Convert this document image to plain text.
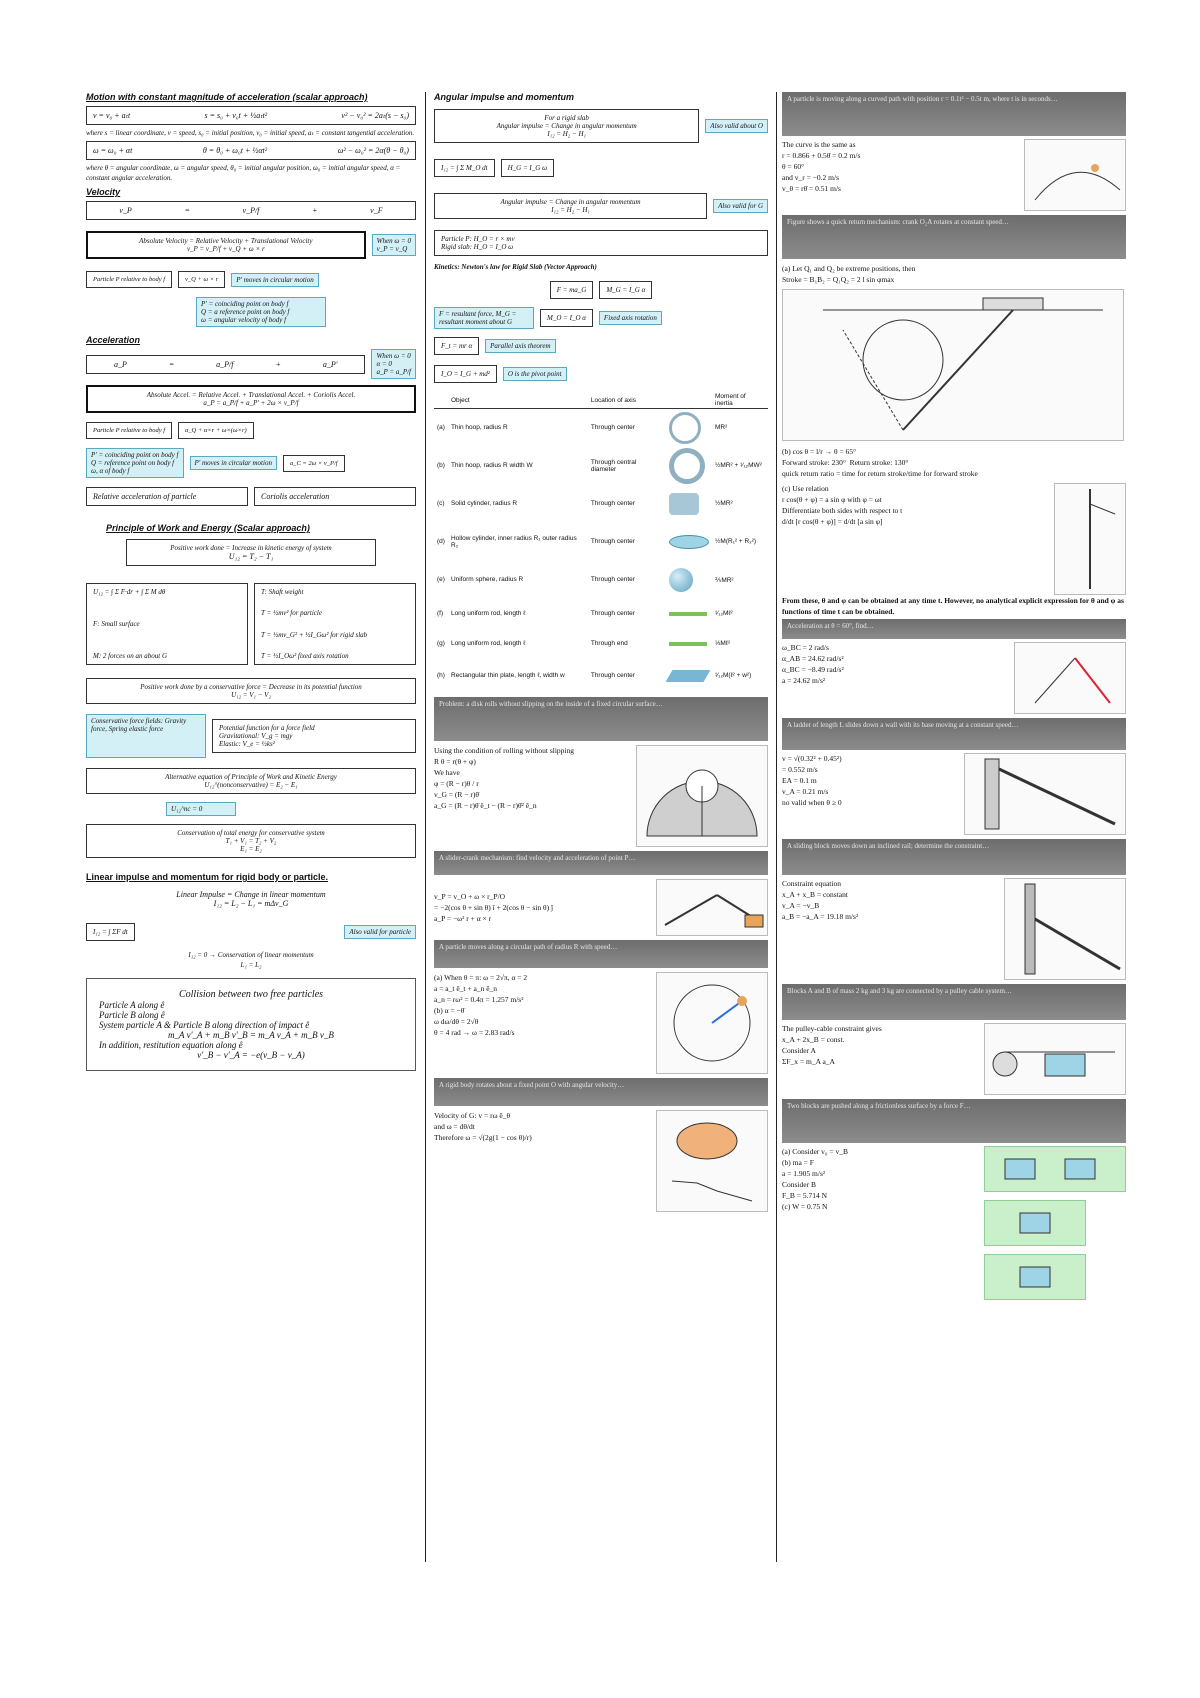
Motion with constant magnitude of acceleration (scalar approach)
v = v₀ + aₜt	s = s₀ + v₀t + ½aₜt²	v² − v₀² = 2aₜ(s − s₀)
where s = linear coordinate, v = speed, s₀ = initial position, v₀ = initial speed, aₜ = constant tangential acceleration.
ω = ω₀ + αt	θ = θ₀ + ω₀t + ½αt²	ω² − ω₀² = 2α(θ − θ₀)
where θ = angular coordinate, ω = angular speed, θ₀ = initial angular position, ω₀ = initial angular speed, α = constant angular acceleration.
Velocity
v_P	=	v_P/f	+	v_F
Absolute Velocity = Relative Velocity + Translational Velocity
v_P = v_P/f + v_Q + ω × r
When ω = 0
v_P = v_Q
Particle P relative to body f	v_Q + ω × r	P' moves in circular motion
P' = coinciding point on body f
Q = a reference point on body f
ω = angular velocity of body f
Acceleration
a_P	=	a_P/f	+	a_P'
When ω = 0
α = 0
a_P = a_P/f
Absolute Accel. = Relative Accel. + Translational Accel. + Coriolis Accel.
a_P = a_P/f + a_P' + 2ω × v_P/f
Particle P relative to body f	a_Q + α×r + ω×(ω×r)
P' = coinciding point on body f
Q = reference point on body f
ω, α of body f
P' moves in circular motion	a_C = 2ω × v_P/f
Relative acceleration of particle	Coriolis acceleration
Principle of Work and Energy (Scalar approach)
Positive work done = Increase in kinetic energy of system
U₁₂ = T₂ − T₁
U₁₂ = ∫ Σ F·dr + ∫ Σ M dθ
F: Small surface
M: 2 forces on an about G
T: Shaft weight
T = ½mv² for particle
T = ½mv_G² + ½I_Gω² for rigid slab
T = ½I_Oω² fixed axis rotation
Positive work done by a conservative force = Decrease in its potential function
U₁₂ = V₁ − V₂
Conservative force fields: Gravity force, Spring elastic force	Potential function for a force field
Gravitational: V_g = mgy
Elastic: V_e = ½ks²
Alternative equation of Principle of Work and Kinetic Energy
U₁₂^(nonconservative) = E₂ − E₁
U₁₂^nc = 0
Conservation of total energy for conservative system
T₁ + V₁ = T₂ + V₂
E₁ = E₂
Linear impulse and momentum for rigid body or particle.
Linear Impulse = Change in linear momentum
I₁₂ = L₂ − L₁ = mΔv_G
I₁₂ = ∫ ΣF dt	Also valid for particle
I₁₂ = 0 → Conservation of linear momentum
L₁ = L₂
Collision between two free particles
Particle A along ê
Particle B along ê
System particle A & Particle B along direction of impact ê
m_A v'_A + m_B v'_B = m_A v_A + m_B v_B
In addition, restitution equation along ê
v'_B − v'_A = −e(v_B − v_A)
Angular impulse and momentum
For a rigid slab
Angular impulse = Change in angular momentum
I₁₂ = H₂ − H₁
Also valid about O
I₁₂ = ∫ Σ M_O dt	H_G = I_G ω
Angular impulse = Change in angular momentum
I₁₂ = H₂ − H₁	Also valid for G
Particle P: H_O = r × mv
Rigid slab: H_O = I_O ω
Kinetics: Newton's law for Rigid Slab (Vector Approach)
F = ma_G	M_G = I_G α
F = resultant force, M_G = resultant moment about G	M_O = I_O α	Fixed axis rotation
F_t = mr α	Parallel axis theorem
I_O = I_G + md²	O is the pivot point
	Object	Location of axis		Moment of inertia
(a)	Thin hoop, radius R	Through center		MR²
(b)	Thin hoop, radius R width W	Through central diameter		½MR² + ¹⁄₁₂MW²
(c)	Solid cylinder, radius R	Through center		½MR²
(d)	Hollow cylinder, inner radius R₁ outer radius R₂	Through center		½M(R₁² + R₂²)
(e)	Uniform sphere, radius R	Through center		⅖MR²
(f)	Long uniform rod, length ℓ	Through center		¹⁄₁₂Mℓ²
(g)	Long uniform rod, length ℓ	Through end		⅓Mℓ²
(h)	Rectangular thin plate, length ℓ, width w	Through center		¹⁄₁₂M(ℓ² + w²)
Problem: a disk rolls without slipping on the inside of a fixed circular surface…
Using the condition of rolling without slipping
R θ = r(θ + φ)
We have
φ = (R − r)θ / r
v_G = (R − r)θ̇
a_G = (R − r)θ̈ ê_t − (R − r)θ̇² ê_n
A slider-crank mechanism: find velocity and acceleration of point P…
v_P = v_O + ω × r_P/O
= −2(cos θ + sin θ) î + 2(cos θ − sin θ) ĵ
a_P = −ω² r + α × r
A particle moves along a circular path of radius R with speed…
(a) When θ = π: ω = 2√π, α = 2
a = a_t ê_t + a_n ê_n
a_n = rω² = 0.4π = 1.257 m/s²
(b) α = −θ̈
ω dω/dθ = 2√θ
θ = 4 rad → ω = 2.83 rad/s
A rigid body rotates about a fixed point O with angular velocity…
Velocity of G: v = rω ê_θ
and ω = dθ/dt
Therefore ω = √(2g(1 − cos θ)/r)
A particle is moving along a curved path with position r = 0.1t² − 0.5t m, where t is in seconds…
The curve is the same as
r = 0.866 + 0.5θ̇ = 0.2 m/s
θ = 60°
and v_r = −0.2 m/s
v_θ = rθ̇ = 0.51 m/s
Figure shows a quick return mechanism: crank O₂A rotates at constant speed…
(a) Let Q₁ and Q₂ be extreme positions, then
Stroke = B₁B₂ = Q₁Q₂ = 2 l sin φmax
(b) cos θ = l/r → θ = 65°
Forward stroke: 230°  Return stroke: 130°
quick return ratio = time for return stroke/time for forward stroke
(c) Use relation
r cos(θ + φ) = a sin φ with φ = ωt
Differentiate both sides with respect to t
d/dt [r cos(θ + φ)] = d/dt [a sin φ]
From these, θ and φ can be obtained at any time t. However, no analytical explicit expression for θ and φ as functions of time t can be obtained.
Acceleration at θ = 60°, find…
ω_BC = 2 rad/s
α_AB = 24.62 rad/s²
α_BC = −8.49 rad/s²
a = 24.62 m/s²
A ladder of length L slides down a wall with its base moving at a constant speed…
v = √(0.32² + 0.45²)
= 0.552 m/s
EA = 0.1 m
v_A = 0.21 m/s
no valid when θ ≥ 0
A sliding block moves down an inclined rail; determine the constraint…
Constraint equation
x_A + x_B = constant
v_A = −v_B
a_B = −a_A = 19.18 m/s²
Blocks A and B of mass 2 kg and 3 kg are connected by a pulley cable system…
The pulley-cable constraint gives
x_A + 2x_B = const.
Consider A
ΣF_x = m_A a_A
Two blocks are pushed along a frictionless surface by a force F…
(a) Consider v₀ = v_B
(b) ma = F
a = 1.905 m/s²
Consider B
F_B = 5.714 N
(c) W = 0.75 N
